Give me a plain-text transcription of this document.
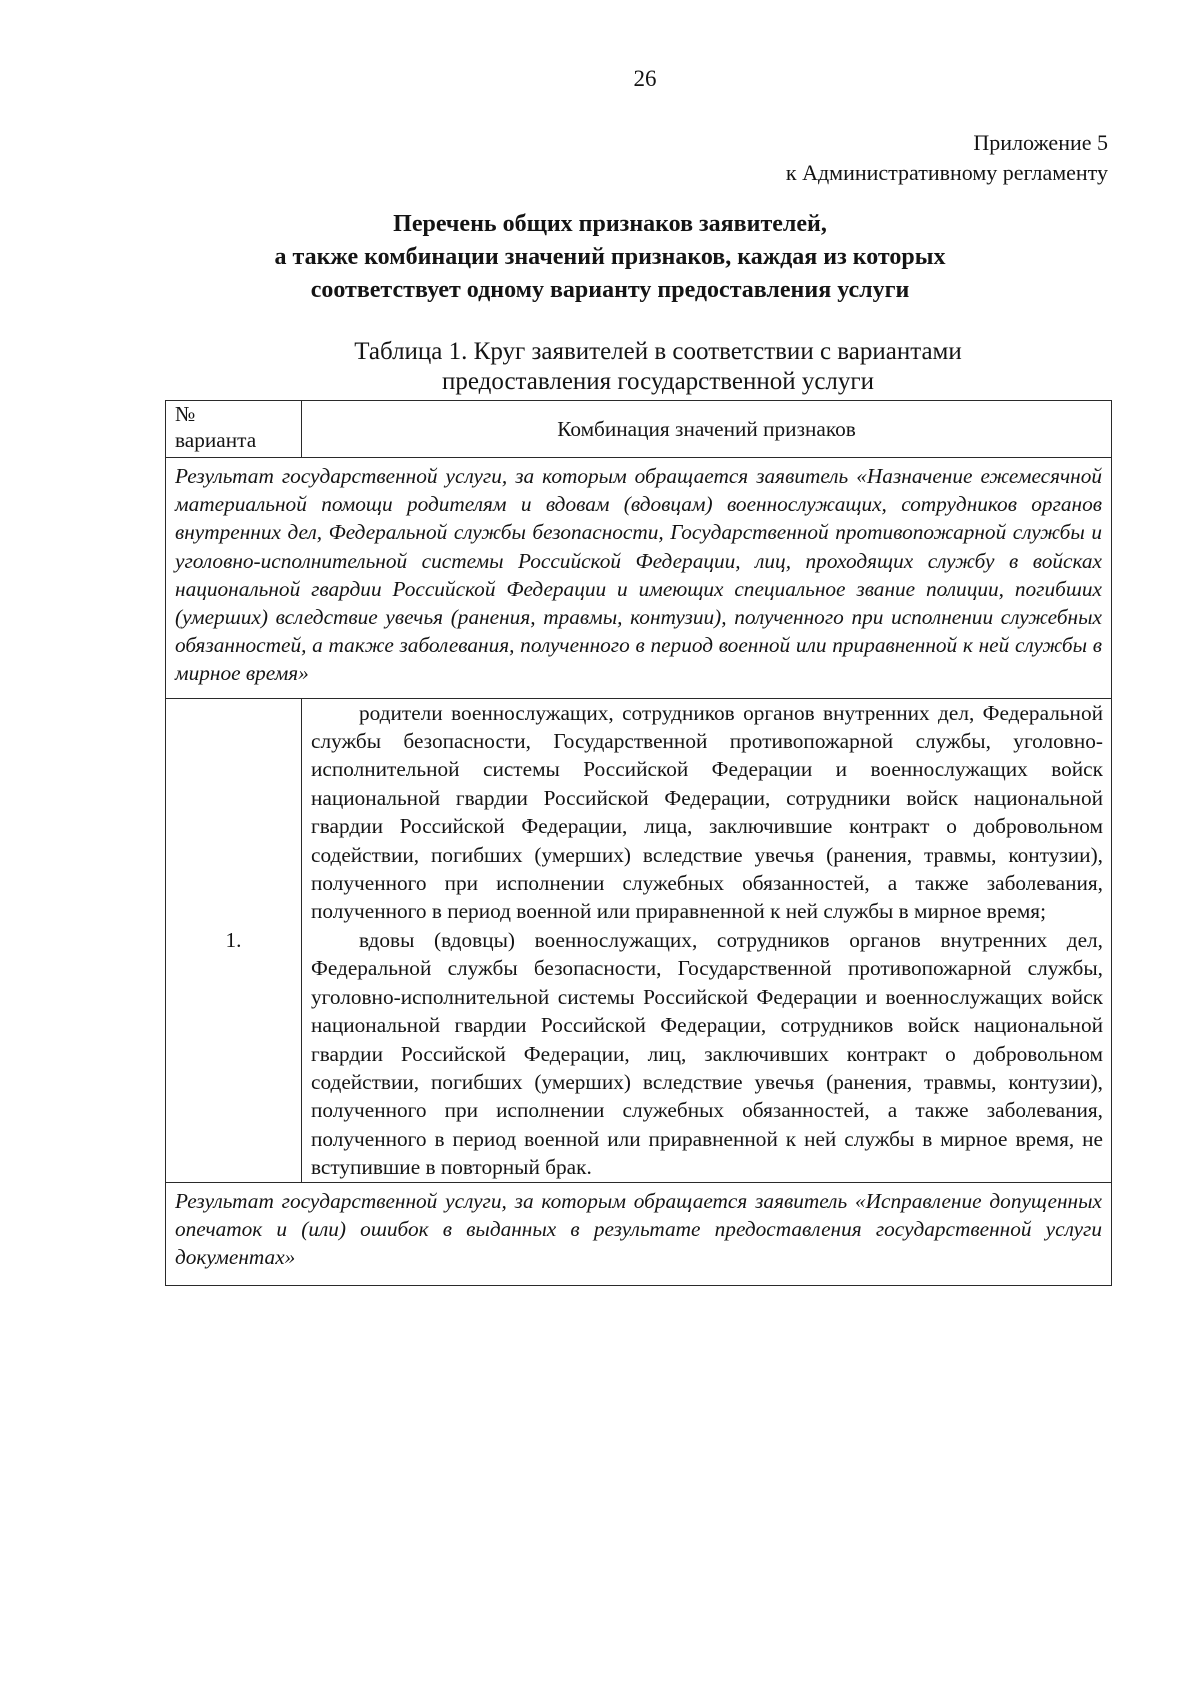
26
Приложение 5
к Административному регламенту
Перечень общих признаков заявителей,
а также комбинации значений признаков, каждая из которых
соответствует одному варианту предоставления услуги
Таблица 1. Круг заявителей в соответствии с вариантами
предоставления государственной услуги
№
варианта	Комбинация значений признаков
Результат государственной услуги, за которым обращается заявитель «Назначение ежемесячной материальной помощи родителям и вдовам (вдовцам) военнослужащих, сотрудников органов внутренних дел, Федеральной службы безопасности, Государственной противопожарной службы и уголовно-исполнительной системы Российской Федерации, лиц, проходящих службу в войсках национальной гвардии Российской Федерации и имеющих специальное звание полиции, погибших (умерших) вследствие увечья (ранения, травмы, контузии), полученного при исполнении служебных обязанностей, а также заболевания, полученного в период военной или приравненной к ней службы в мирное время»	
1.	родители военнослужащих, сотрудников органов внутренних дел, Федеральной службы безопасности, Государственной противопожарной службы, уголовно-исполнительной системы Российской Федерации и военнослужащих войск национальной гвардии Российской Федерации, сотрудники войск национальной гвардии Российской Федерации, лица, заключившие контракт о добровольном содействии, погибших (умерших) вследствие увечья (ранения, травмы, контузии), полученного при исполнении служебных обязанностей, а также заболевания, полученного в период военной или приравненной к ней службы в мирное время;

вдовы (вдовцы) военнослужащих, сотрудников органов внутренних дел, Федеральной службы безопасности, Государственной противопожарной службы, уголовно-исполнительной системы Российской Федерации и военнослужащих войск национальной гвардии Российской Федерации, сотрудников войск национальной гвардии Российской Федерации, лиц, заключивших контракт о добровольном содействии, погибших (умерших) вследствие увечья (ранения, травмы, контузии), полученного при исполнении служебных обязанностей, а также заболевания, полученного в период военной или приравненной к ней службы в мирное время, не вступившие в повторный брак.

Результат государственной услуги, за которым обращается заявитель «Исправление допущенных опечаток и (или) ошибок в выданных в результате предоставления государственной услуги документах»	
